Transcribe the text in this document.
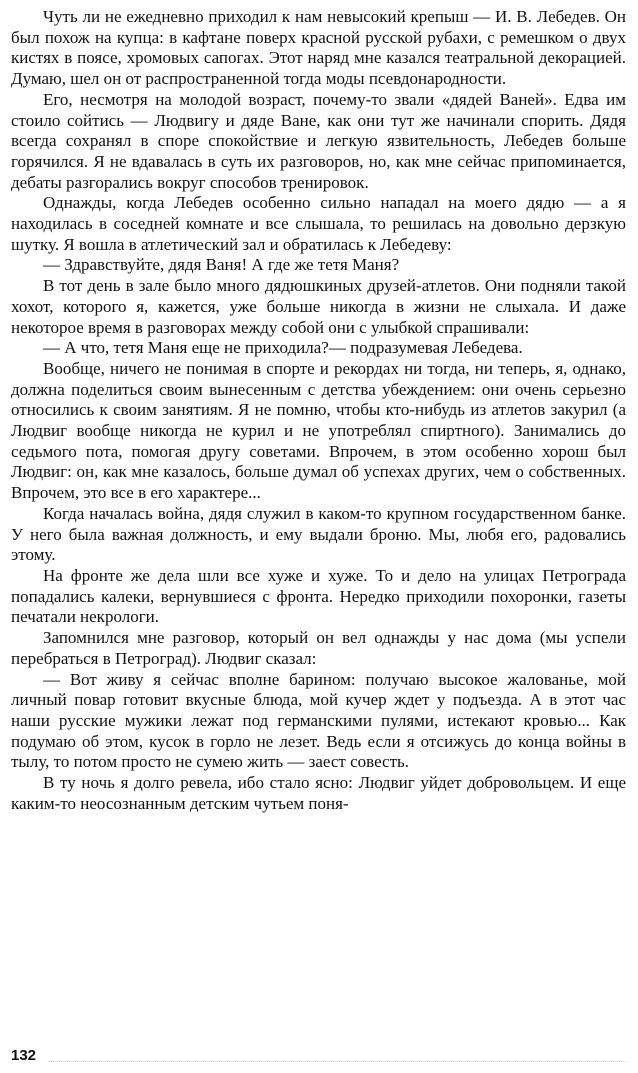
Чуть ли не ежедневно приходил к нам невысокий крепыш — И. В. Лебедев. Он был похож на купца: в кафтане поверх красной русской рубахи, с ремешком о двух кистях в поясе, хромовых сапогах. Этот наряд мне казался театральной декорацией. Думаю, шел он от распространенной тогда моды псевдонародности.

Его, несмотря на молодой возраст, почему-то звали «дядей Ваней». Едва им стоило сойтись — Людвигу и дяде Ване, как они тут же начинали спорить. Дядя всегда сохранял в споре спокойствие и легкую язвительность, Лебедев больше горячился. Я не вдавалась в суть их разговоров, но, как мне сейчас припоминается, дебаты разгорались вокруг способов тренировок.

Однажды, когда Лебедев особенно сильно нападал на моего дядю — а я находилась в соседней комнате и все слышала, то решилась на довольно дерзкую шутку. Я вошла в атлетический зал и обратилась к Лебедеву:

— Здравствуйте, дядя Ваня! А где же тетя Маня?

В тот день в зале было много дядюшкиных друзей-атлетов. Они подняли такой хохот, которого я, кажется, уже больше никогда в жизни не слыхала. И даже некоторое время в разговорах между собой они с улыбкой спрашивали:

— А что, тетя Маня еще не приходила?— подразумевая Лебедева.

Вообще, ничего не понимая в спорте и рекордах ни тогда, ни теперь, я, однако, должна поделиться своим вынесенным с детства убеждением: они очень серьезно относились к своим занятиям. Я не помню, чтобы кто-нибудь из атлетов закурил (а Людвиг вообще никогда не курил и не употреблял спиртного). Занимались до седьмого пота, помогая другу советами. Впрочем, в этом особенно хорош был Людвиг: он, как мне казалось, больше думал об успехах других, чем о собственных. Впрочем, это все в его характере...

Когда началась война, дядя служил в каком-то крупном государственном банке. У него была важная должность, и ему выдали броню. Мы, любя его, радовались этому.

На фронте же дела шли все хуже и хуже. То и дело на улицах Петрограда попадались калеки, вернувшиеся с фронта. Нередко приходили похоронки, газеты печатали некрологи.

Запомнился мне разговор, который он вел однажды у нас дома (мы успели перебраться в Петроград). Людвиг сказал:

— Вот живу я сейчас вполне барином: получаю высокое жалованье, мой личный повар готовит вкусные блюда, мой кучер ждет у подъезда. А в этот час наши русские мужики лежат под германскими пулями, истекают кровью... Как подумаю об этом, кусок в горло не лезет. Ведь если я отсижусь до конца войны в тылу, то потом просто не сумею жить — заест совесть.

В ту ночь я долго ревела, ибо стало ясно: Людвиг уйдет добровольцем. И еще каким-то неосознанным детским чутьем поня-

132
